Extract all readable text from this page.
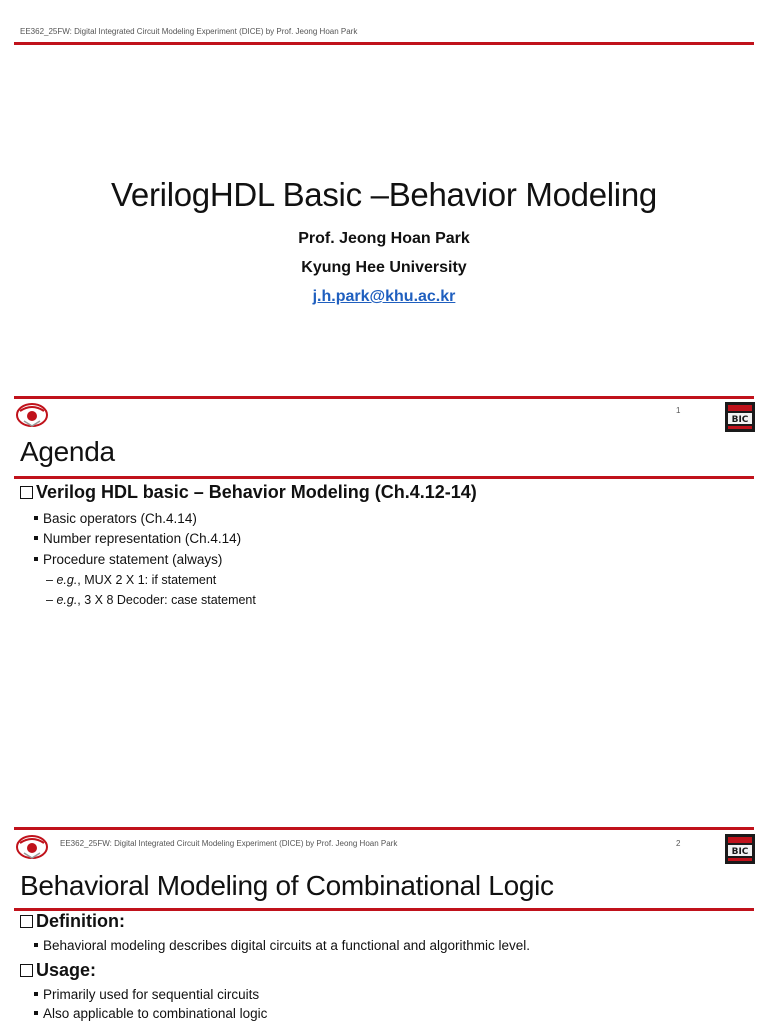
EE362_25FW: Digital Integrated Circuit Modeling Experiment (DICE) by Prof. Jeong Hoan Park
VerilogHDL Basic –Behavior Modeling
Prof. Jeong Hoan Park
Kyung Hee University
j.h.park@khu.ac.kr
1
BIC
Agenda
Verilog HDL basic – Behavior Modeling (Ch.4.12-14)
Basic operators (Ch.4.14)
Number representation (Ch.4.14)
Procedure statement (always)
– e.g., MUX 2 X 1: if statement
– e.g., 3 X 8 Decoder: case statement
EE362_25FW: Digital Integrated Circuit Modeling Experiment (DICE) by Prof. Jeong Hoan Park	2
BIC
Behavioral Modeling of Combinational Logic
Definition:
Behavioral modeling describes digital circuits at a functional and algorithmic level.
Usage:
Primarily used for sequential circuits
Also applicable to combinational logic
